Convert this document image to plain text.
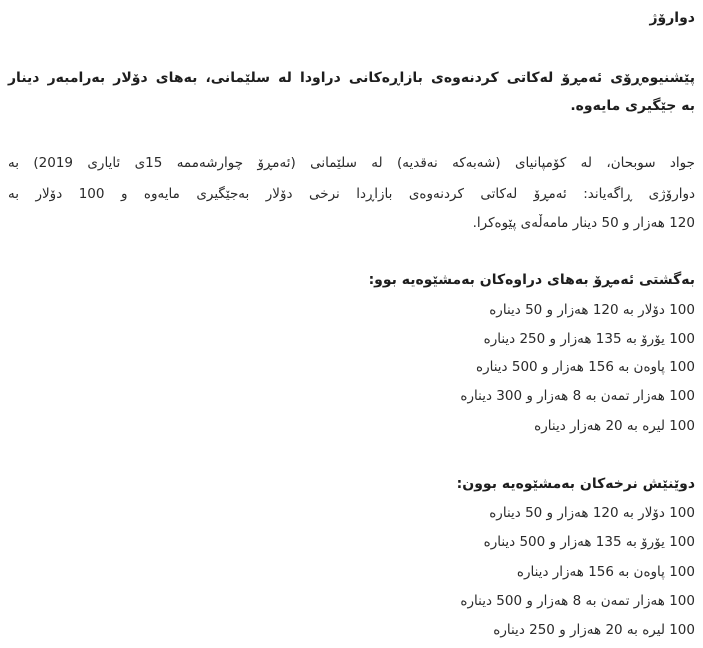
دوارۆژ
پێشنیوەڕۆی ئەمڕۆ لەکاتی کردنەوەی بازاڕەکانی دراودا لە سلێمانی، بەهای دۆلار بەرامبەر دینار
بە جێگیری مایەوە.
جواد سوبحان، لە کۆمپانیای (شەبەکە نەقدیە) لە سلێمانی (ئەمڕۆ چوارشەممە 15ی ئایاری 2019) بە
دوارۆژی ڕاگەیاند: ئەمڕۆ لەکاتی کردنەوەی بازاڕدا نرخی دۆلار بەجێگیری مایەوە و 100 دۆلار بە
120 هەزار و 50 دینار مامەڵەی پێوەکرا.
بەگشتی ئەمڕۆ بەهای دراوەکان بەمشێوەیە بوو:
100 دۆلار بە 120 هەزار و 50 دینارە
100 یۆرۆ بە 135 هەزار و 250 دینارە
100 پاوەن بە 156 هەزار و 500 دینارە
100 هەزار تمەن بە 8 هەزار و 300 دینارە
100 لیرە بە 20 هەزار دینارە
دوێنێش نرخەکان بەمشێوەیە بوون:
100 دۆلار بە 120 هەزار و 50 دینارە
100 یۆرۆ بە 135 هەزار و 500 دینارە
100 پاوەن بە 156 هەزار دینارە
100 هەزار تمەن بە 8 هەزار و 500 دینارە
100 لیرە بە 20 هەزار و 250 دینارە
